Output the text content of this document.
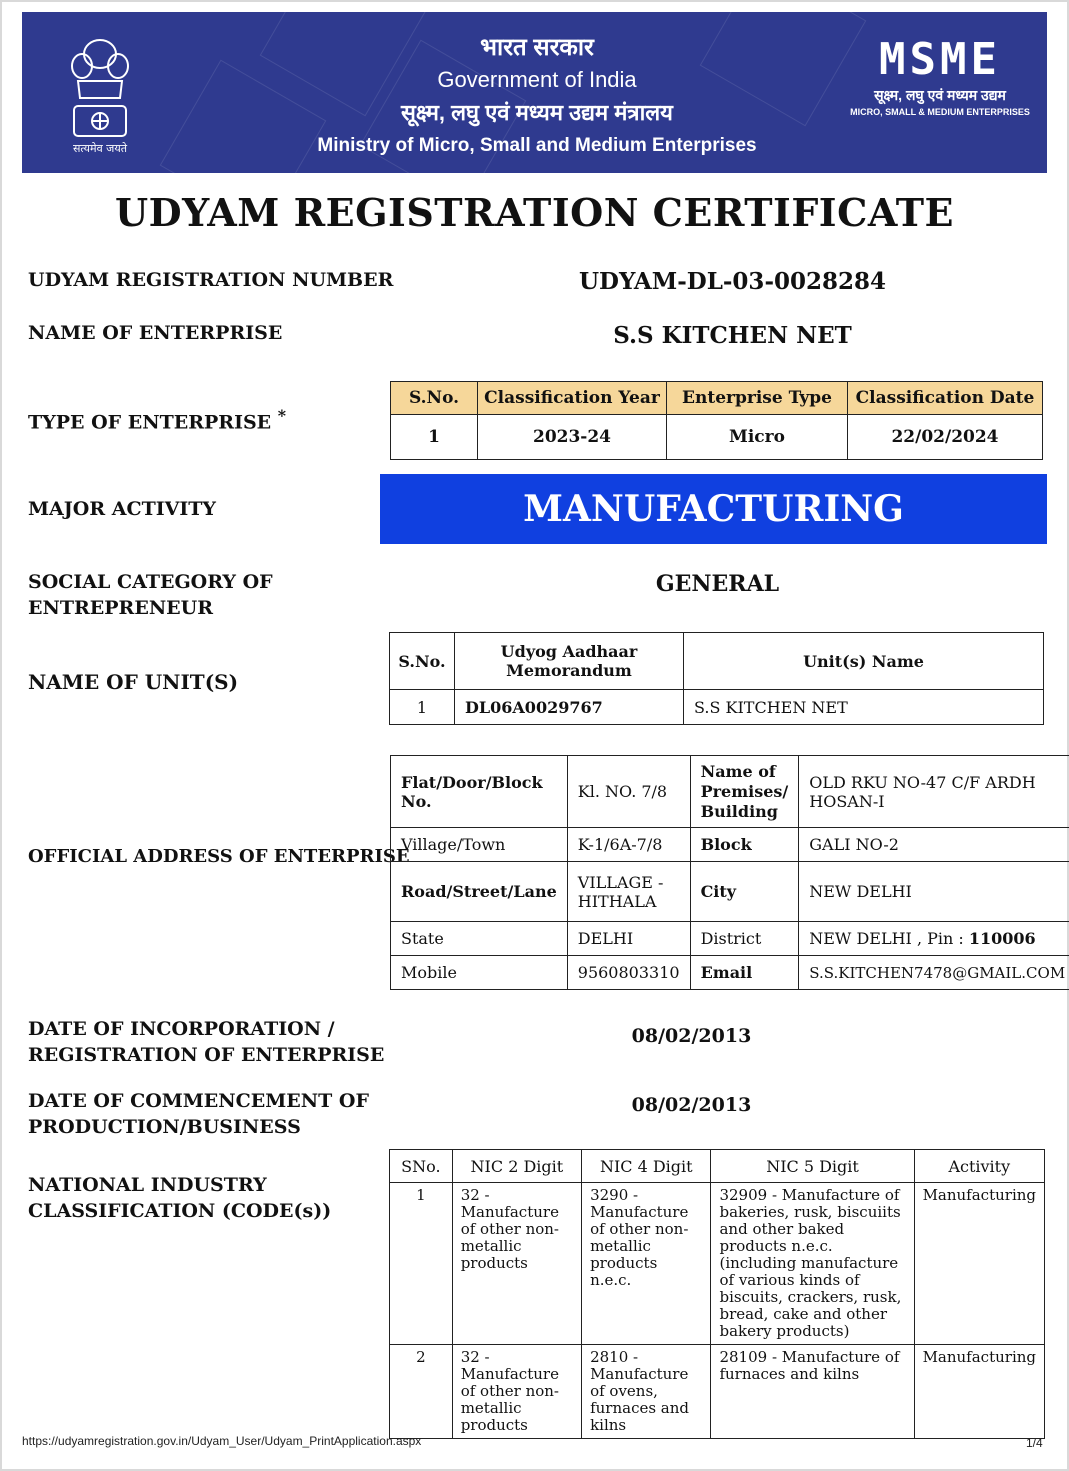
सत्यमेव जयते
भारत सरकार
Government of India
सूक्ष्म, लघु एवं मध्यम उद्यम मंत्रालय
Ministry of Micro, Small and Medium Enterprises
MSME
सूक्ष्म, लघु एवं मध्यम उद्यम
MICRO, SMALL & MEDIUM ENTERPRISES
UDYAM REGISTRATION CERTIFICATE
UDYAM REGISTRATION NUMBER	UDYAM-DL-03-0028284
NAME OF ENTERPRISE	S.S KITCHEN NET
TYPE OF ENTERPRISE *
S.No.	Classification Year	Enterprise Type	Classification Date
1	2023-24	Micro	22/02/2024
MAJOR ACTIVITY	MANUFACTURING
SOCIAL CATEGORY OF
ENTREPRENEUR
GENERAL
NAME OF UNIT(S)
S.No.	Udyog Aadhaar Memorandum	Unit(s) Name
1	DL06A0029767	S.S KITCHEN NET
OFFICIAL ADDRESS OF ENTERPRISE
Flat/Door/Block No.	Kl. NO. 7/8	Name of Premises/ Building	OLD RKU NO-47 C/F ARDH HOSAN-I
Village/Town	K-1/6A-7/8	Block	GALI NO-2
Road/Street/Lane	VILLAGE - HITHALA	City	NEW DELHI
State	DELHI	District	NEW DELHI , Pin : 110006
Mobile	9560803310	Email	S.S.KITCHEN7478@GMAIL.COM
DATE OF INCORPORATION /
REGISTRATION OF ENTERPRISE
08/02/2013
DATE OF COMMENCEMENT OF
PRODUCTION/BUSINESS
08/02/2013
NATIONAL INDUSTRY
CLASSIFICATION (CODE(s))
SNo.	NIC 2 Digit	NIC 4 Digit	NIC 5 Digit	Activity
1	32 - Manufacture of other non-metallic products	3290 - Manufacture of other non-metallic products n.e.c.	32909 - Manufacture of bakeries, rusk, biscuiits and other baked products n.e.c. (including manufacture of various kinds of biscuits, crackers, rusk, bread, cake and other bakery products)	Manufacturing
2	32 - Manufacture of other non-metallic products	2810 - Manufacture of ovens, furnaces and kilns	28109 - Manufacture of furnaces and kilns	Manufacturing
https://udyamregistration.gov.in/Udyam_User/Udyam_PrintApplication.aspx	1/4
